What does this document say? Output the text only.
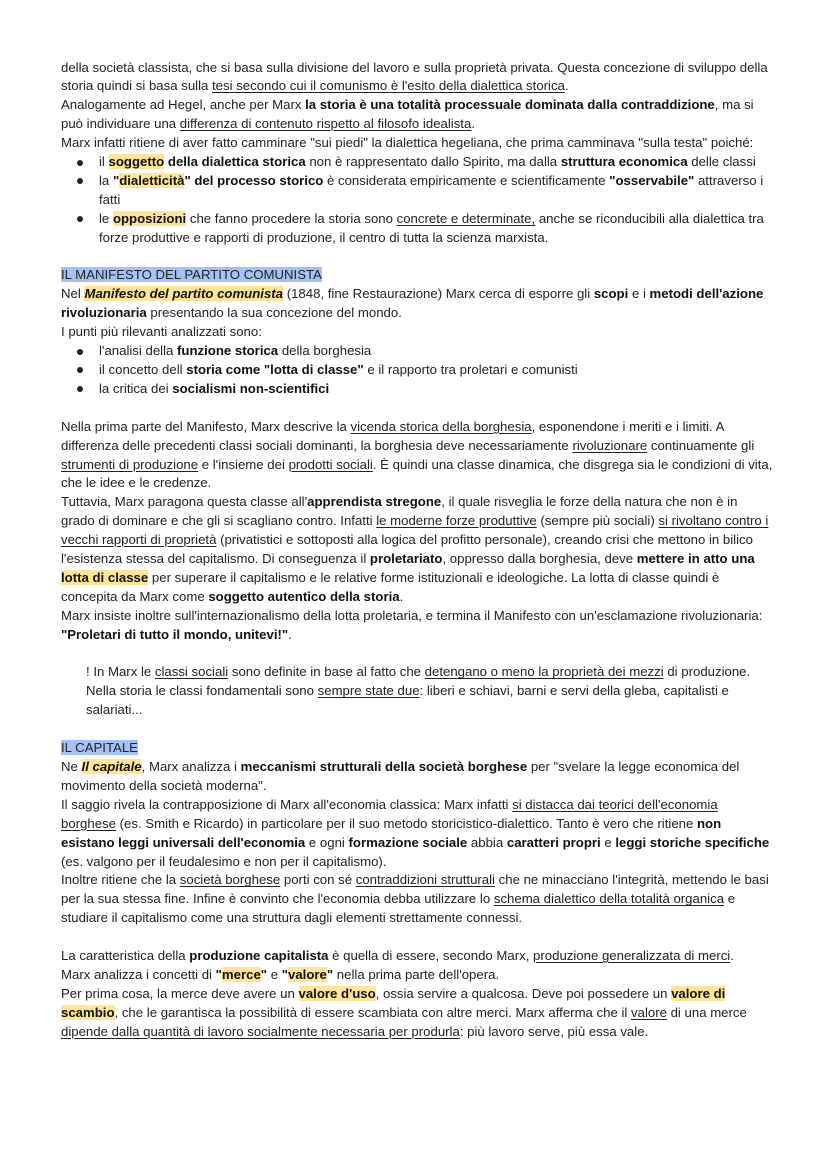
della società classista, che si basa sulla divisione del lavoro e sulla proprietà privata. Questa concezione di sviluppo della storia quindi si basa sulla tesi secondo cui il comunismo è l'esito della dialettica storica.

Analogamente ad Hegel, anche per Marx la storia è una totalità processuale dominata dalla contraddizione, ma si può individuare una differenza di contenuto rispetto al filosofo idealista.

Marx infatti ritiene di aver fatto camminare "sui piedi" la dialettica hegeliana, che prima camminava "sulla testa" poiché:

il soggetto della dialettica storica non è rappresentato dallo Spirito, ma dalla struttura economica delle classi
la "dialetticità" del processo storico è considerata empiricamente e scientificamente "osservabile" attraverso i fatti
le opposizioni che fanno procedere la storia sono concrete e determinate, anche se riconducibili alla dialettica tra forze produttive e rapporti di produzione, il centro di tutta la scienza marxista.

IL MANIFESTO DEL PARTITO COMUNISTA

Nel Manifesto del partito comunista (1848, fine Restaurazione) Marx cerca di esporre gli scopi e i metodi dell'azione rivoluzionaria presentando la sua concezione del mondo.

I punti più rilevanti analizzati sono:

l'analisi della funzione storica della borghesia
il concetto dell storia come "lotta di classe" e il rapporto tra proletari e comunisti
la critica dei socialismi non-scientifici

Nella prima parte del Manifesto, Marx descrive la vicenda storica della borghesia, esponendone i meriti e i limiti. A differenza delle precedenti classi sociali dominanti, la borghesia deve necessariamente rivoluzionare continuamente gli strumenti di produzione e l'insieme dei prodotti sociali. È quindi una classe dinamica, che disgrega sia le condizioni di vita, che le idee e le credenze.

Tuttavia, Marx paragona questa classe all'apprendista stregone, il quale risveglia le forze della natura che non è in grado di dominare e che gli si scagliano contro. Infatti le moderne forze produttive (sempre più sociali) si rivoltano contro i vecchi rapporti di proprietà (privatistici e sottoposti alla logica del profitto personale), creando crisi che mettono in bilico l'esistenza stessa del capitalismo. Di conseguenza il proletariato, oppresso dalla borghesia, deve mettere in atto una lotta di classe per superare il capitalismo e le relative forme istituzionali e ideologiche. La lotta di classe quindi è concepita da Marx come soggetto autentico della storia.

Marx insiste inoltre sull'internazionalismo della lotta proletaria, e termina il Manifesto con un'esclamazione rivoluzionaria: "Proletari di tutto il mondo, unitevi!".

! In Marx le classi sociali sono definite in base al fatto che detengano o meno la proprietà dei mezzi di produzione.

Nella storia le classi fondamentali sono sempre state due: liberi e schiavi, barni e servi della gleba, capitalisti e salariati...

IL CAPITALE

Ne Il capitale, Marx analizza i meccanismi strutturali della società borghese per "svelare la legge economica del movimento della società moderna".

Il saggio rivela la contrapposizione di Marx all'economia classica: Marx infatti si distacca dai teorici dell'economia borghese (es. Smith e Ricardo) in particolare per il suo metodo storicistico-dialettico. Tanto è vero che ritiene non esistano leggi universali dell'economia e ogni formazione sociale abbia caratteri propri e leggi storiche specifiche (es. valgono per il feudalesimo e non per il capitalismo).

Inoltre ritiene che la società borghese porti con sé contraddizioni strutturali che ne minacciano l'integrità, mettendo le basi per la sua stessa fine. Infine è convinto che l'economia debba utilizzare lo schema dialettico della totalità organica e studiare il capitalismo come una struttura dagli elementi strettamente connessi.

La caratteristica della produzione capitalista è quella di essere, secondo Marx, produzione generalizzata di merci.

Marx analizza i concetti di "merce" e "valore" nella prima parte dell'opera.

Per prima cosa, la merce deve avere un valore d'uso, ossia servire a qualcosa. Deve poi possedere un valore di scambio, che le garantisca la possibilità di essere scambiata con altre merci. Marx afferma che il valore di una merce dipende dalla quantità di lavoro socialmente necessaria per produrla: più lavoro serve, più essa vale.
